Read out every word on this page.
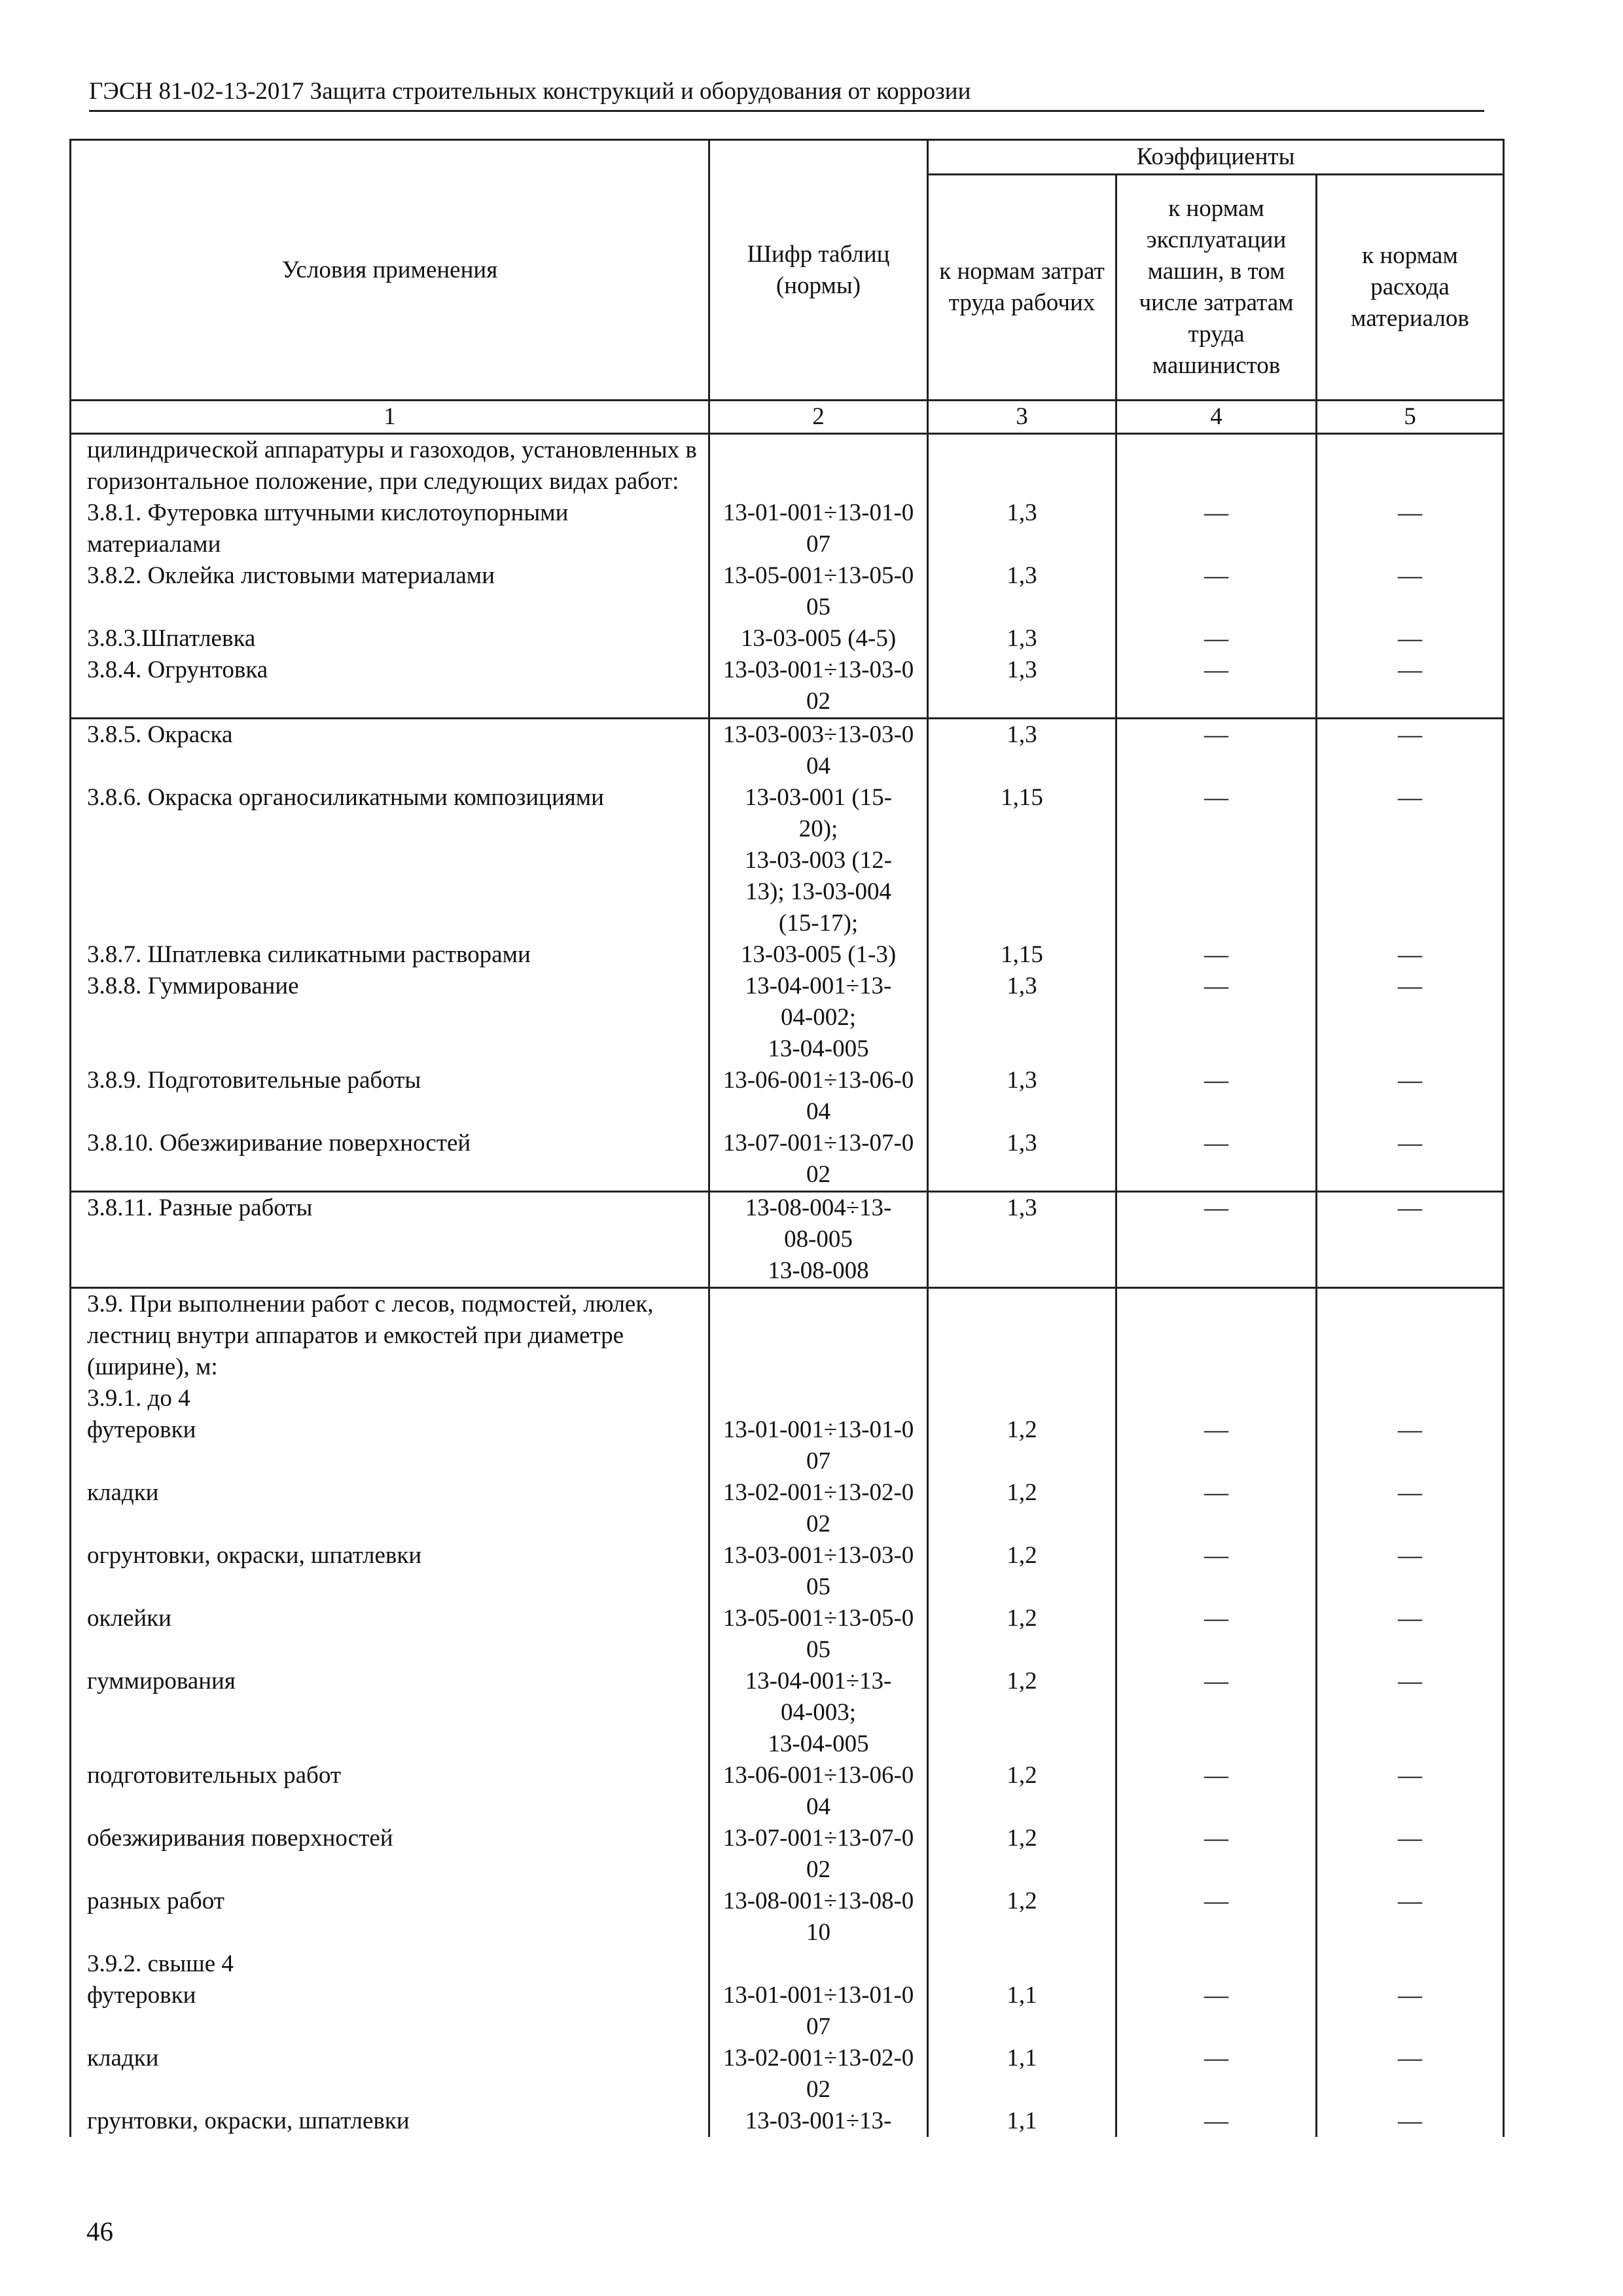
ГЭСН 81-02-13-2017 Защита строительных конструкций и оборудования от коррозии
Условия применения	Шифр таблиц (нормы)	Коэффициенты		
		к нормам затрат труда рабочих	к нормам эксплуатации машин, в том числе затратам труда машинистов	к нормам расхода материалов
1	2	3	4	5
цилиндрической аппаратуры и газоходов, установленных в горизонтальное положение, при следующих видах работ:				
3.8.1. Футеровка штучными кислотоупорными материалами	13-01-001÷13-01-007	1,3	—	—
3.8.2. Оклейка листовыми материалами	13-05-001÷13-05-005	1,3	—	—
3.8.3.Шпатлевка	13-03-005 (4-5)	1,3	—	—
3.8.4. Огрунтовка	13-03-001÷13-03-002	1,3	—	—
3.8.5. Окраска	13-03-003÷13-03-004	1,3	—	—
3.8.6. Окраска органосиликатными композициями	13-03-001 (15-
20);
13-03-003 (12-
13); 13-03-004
(15-17);	1,15	—	—
3.8.7. Шпатлевка силикатными растворами	13-03-005 (1-3)	1,15	—	—
3.8.8. Гуммирование	13-04-001÷13-
04-002;
13-04-005	1,3	—	—
3.8.9. Подготовительные работы	13-06-001÷13-06-004	1,3	—	—
3.8.10. Обезжиривание поверхностей	13-07-001÷13-07-002	1,3	—	—
3.8.11. Разные работы	13-08-004÷13-
08-005
13-08-008	1,3	—	—
3.9. При выполнении работ с лесов, подмостей, люлек, лестниц внутри аппаратов и емкостей при диаметре (ширине), м:				
3.9.1. до 4				
футеровки	13-01-001÷13-01-007	1,2	—	—
кладки	13-02-001÷13-02-002	1,2	—	—
огрунтовки, окраски, шпатлевки	13-03-001÷13-03-005	1,2	—	—
оклейки	13-05-001÷13-05-005	1,2	—	—
гуммирования	13-04-001÷13-
04-003;
13-04-005	1,2	—	—
подготовительных работ	13-06-001÷13-06-004	1,2	—	—
обезжиривания поверхностей	13-07-001÷13-07-002	1,2	—	—
разных работ	13-08-001÷13-08-010	1,2	—	—
3.9.2. свыше 4				
футеровки	13-01-001÷13-01-007	1,1	—	—
кладки	13-02-001÷13-02-002	1,1	—	—
грунтовки, окраски, шпатлевки	13-03-001÷13-	1,1	—	—
46
